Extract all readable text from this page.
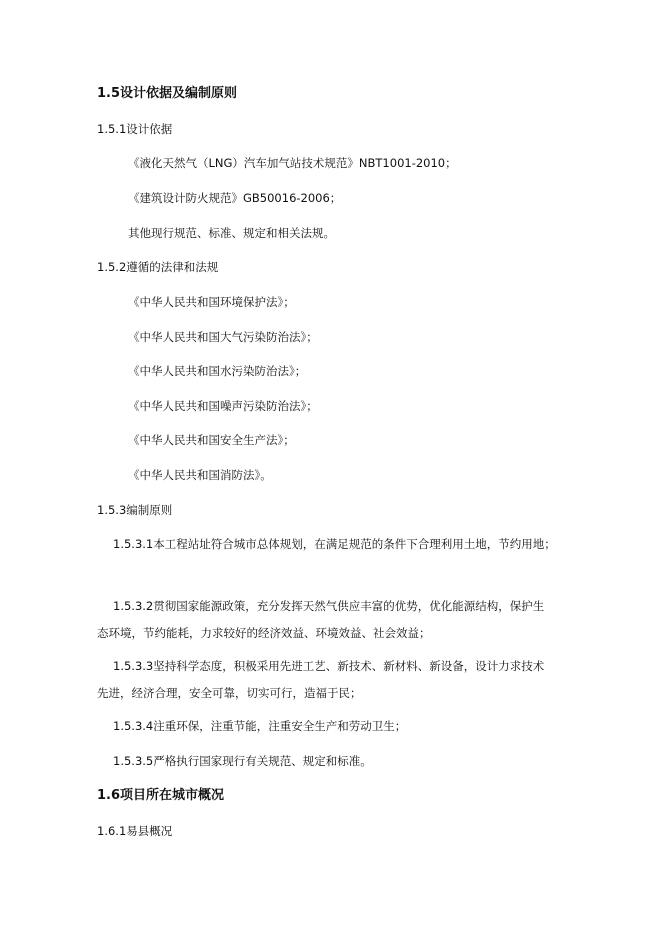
1.5设计依据及编制原则
1.5.1设计依据
《液化天然气（LNG）汽车加气站技术规范》NBT1001-2010；
《建筑设计防火规范》GB50016-2006；
其他现行规范、标准、规定和相关法规。
1.5.2遵循的法律和法规
《中华人民共和国环境保护法》；
《中华人民共和国大气污染防治法》；
《中华人民共和国水污染防治法》；
《中华人民共和国噪声污染防治法》；
《中华人民共和国安全生产法》；
《中华人民共和国消防法》。
1.5.3编制原则
1.5.3.1本工程站址符合城市总体规划，在满足规范的条件下合理利用土地，节约用地；
1.5.3.2贯彻国家能源政策，充分发挥天然气供应丰富的优势，优化能源结构，保护生
态环境，节约能耗，力求较好的经济效益、环境效益、社会效益；
1.5.3.3坚持科学态度，积极采用先进工艺、新技术、新材料、新设备，设计力求技术
先进，经济合理，安全可靠，切实可行，造福于民；
1.5.3.4注重环保，注重节能，注重安全生产和劳动卫生；
1.5.3.5严格执行国家现行有关规范、规定和标准。
1.6项目所在城市概况
1.6.1易县概况
